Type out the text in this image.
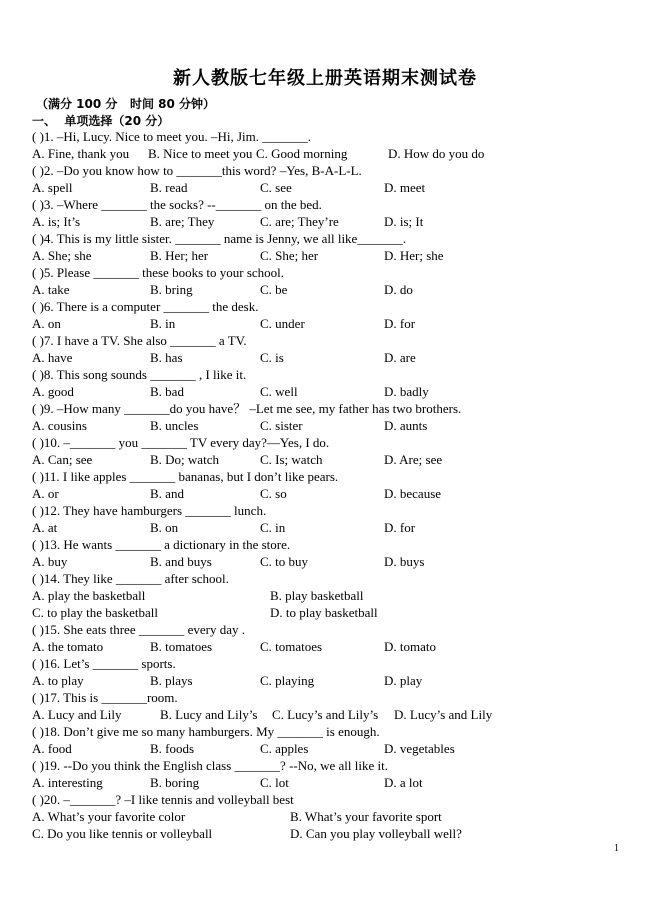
新人教版七年级上册英语期末测试卷
（满分 100 分   时间 80 分钟）
一、  单项选择（20 分）
( )1. –Hi, Lucy. Nice to meet you. –Hi, Jim. _______.
A. Fine, thank you B. Nice to meet you C. Good morning	D. How do you do
( )2. –Do you know how to _______this word? –Yes, B-A-L-L.
A. spell	B. read	C. see	D. meet
( )3. –Where _______ the socks? --_______ on the bed.
A. is; It’s	B. are; They	C. are; They’re	D. is; It
( )4. This is my little sister. _______ name is Jenny, we all like_______.
A. She; she	B. Her; her	C. She; her	D. Her; she
( )5. Please _______ these books to your school.
A. take	B. bring	C. be	D. do
( )6. There is a computer _______ the desk.
A. on	B. in	C. under	D. for
( )7. I have a TV. She also _______ a TV.
A. have	B. has	C. is	D. are
( )8. This song sounds _______ , I like it.
A. good	B. bad	C. well	D. badly
( )9. –How many _______do you have？ –Let me see, my father has two brothers.
A. cousins	B. uncles	C. sister	D. aunts
( )10. –_______ you _______ TV every day?—Yes, I do.
A. Can; see	B. Do; watch	C. Is; watch	D. Are; see
( )11. I like apples _______ bananas, but I don’t like pears.
A. or	B. and	C. so	D. because
( )12. They have hamburgers _______ lunch.
A. at	B. on	C. in	D. for
( )13. He wants _______ a dictionary in the store.
A. buy	B. and buys	C. to buy	D. buys
( )14. They like _______ after school.
A. play the basketball	B. play basketball
C. to play the basketball	D. to play basketball
( )15. She eats three _______ every day .
A. the tomato	B. tomatoes	C. tomatoes	D. tomato
( )16. Let’s _______ sports.
A. to play	B. plays	C. playing	D. play
( )17. This is _______room.
A. Lucy and Lily	B. Lucy and Lily’s C. Lucy’s and Lily’s D. Lucy’s and Lily
( )18. Don’t give me so many hamburgers. My _______ is enough.
A. food	B. foods	C. apples	D. vegetables
( )19. --Do you think the English class _______? --No, we all like it.
A. interesting	B. boring	C. lot	D. a lot
( )20. –_______? –I like tennis and volleyball best
A. What’s your favorite color	B. What’s your favorite sport
C. Do you like tennis or volleyball	D. Can you play volleyball well?
1
